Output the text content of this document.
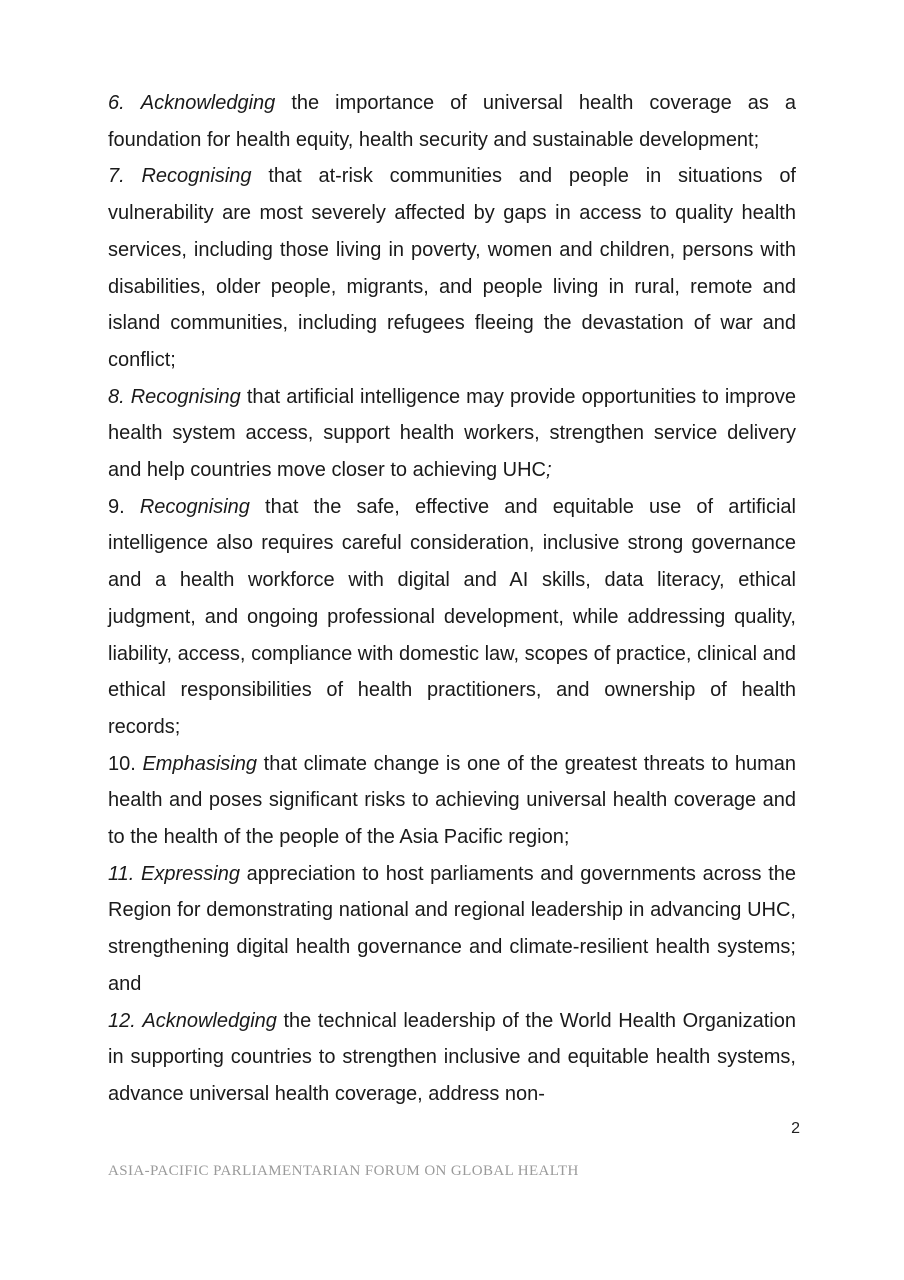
6. Acknowledging the importance of universal health coverage as a foundation for health equity, health security and sustainable development;

7. Recognising that at-risk communities and people in situations of vulnerability are most severely affected by gaps in access to quality health services, including those living in poverty, women and children, persons with disabilities, older people, migrants, and people living in rural, remote and island communities, including refugees fleeing the devastation of war and conflict;

8. Recognising that artificial intelligence may provide opportunities to improve health system access, support health workers, strengthen service delivery and help countries move closer to achieving UHC;

9. Recognising that the safe, effective and equitable use of artificial intelligence also requires careful consideration, inclusive strong governance and a health workforce with digital and AI skills, data literacy, ethical judgment, and ongoing professional development, while addressing quality, liability, access, compliance with domestic law, scopes of practice, clinical and ethical responsibilities of health practitioners, and ownership of health records;

10. Emphasising that climate change is one of the greatest threats to human health and poses significant risks to achieving universal health coverage and to the health of the people of the Asia Pacific region;

11. Expressing appreciation to host parliaments and governments across the Region for demonstrating national and regional leadership in advancing UHC, strengthening digital health governance and climate-resilient health systems; and

12. Acknowledging the technical leadership of the World Health Organization in supporting countries to strengthen inclusive and equitable health systems, advance universal health coverage, address non-

2
ASIA-PACIFIC PARLIAMENTARIAN FORUM ON GLOBAL HEALTH
